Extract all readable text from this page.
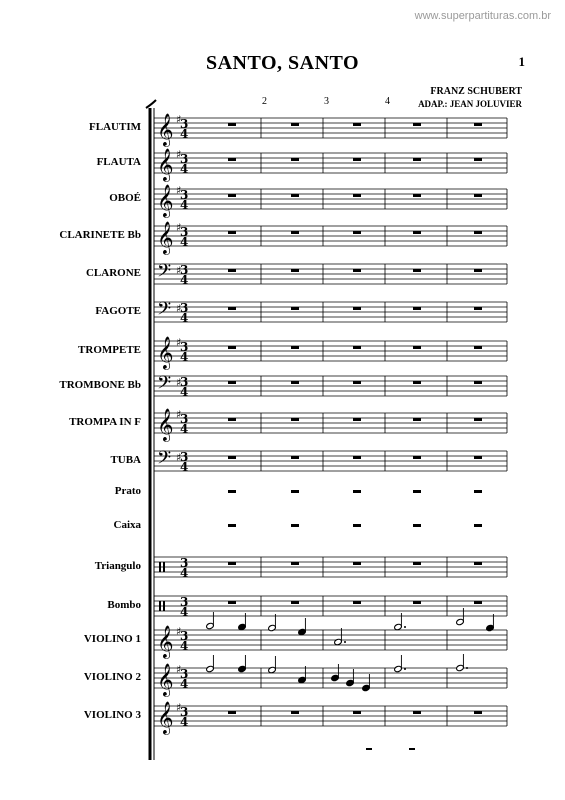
www.superpartituras.com.br
1
SANTO, SANTO
FRANZ SCHUBERT
ADAP.: JEAN JOLUVIER
2	3	4
FLAUTIM
FLAUTA
OBOÉ
CLARINETE Bb
CLARONE
FAGOTE
TROMPETE
TROMBONE Bb
TROMPA IN F
TUBA
Prato
Caixa
Triangulo
Bombo
VIOLINO 1
VIOLINO 2
VIOLINO 3
𝄞 ♯
3
4
𝄞 ♯
3
4
𝄞 ♯
3
4
𝄞 ♯
3
4
𝄢 ♯
3
4
𝄢 ♯
3
4
𝄞 ♯
3
4
𝄢 ♯
3
4
𝄞 ♯
3
4
𝄢 ♯
3
4
3
4
3
4
𝄞 ♯
3
4
𝄞 ♯
3
4
𝄞 ♯
3
4
